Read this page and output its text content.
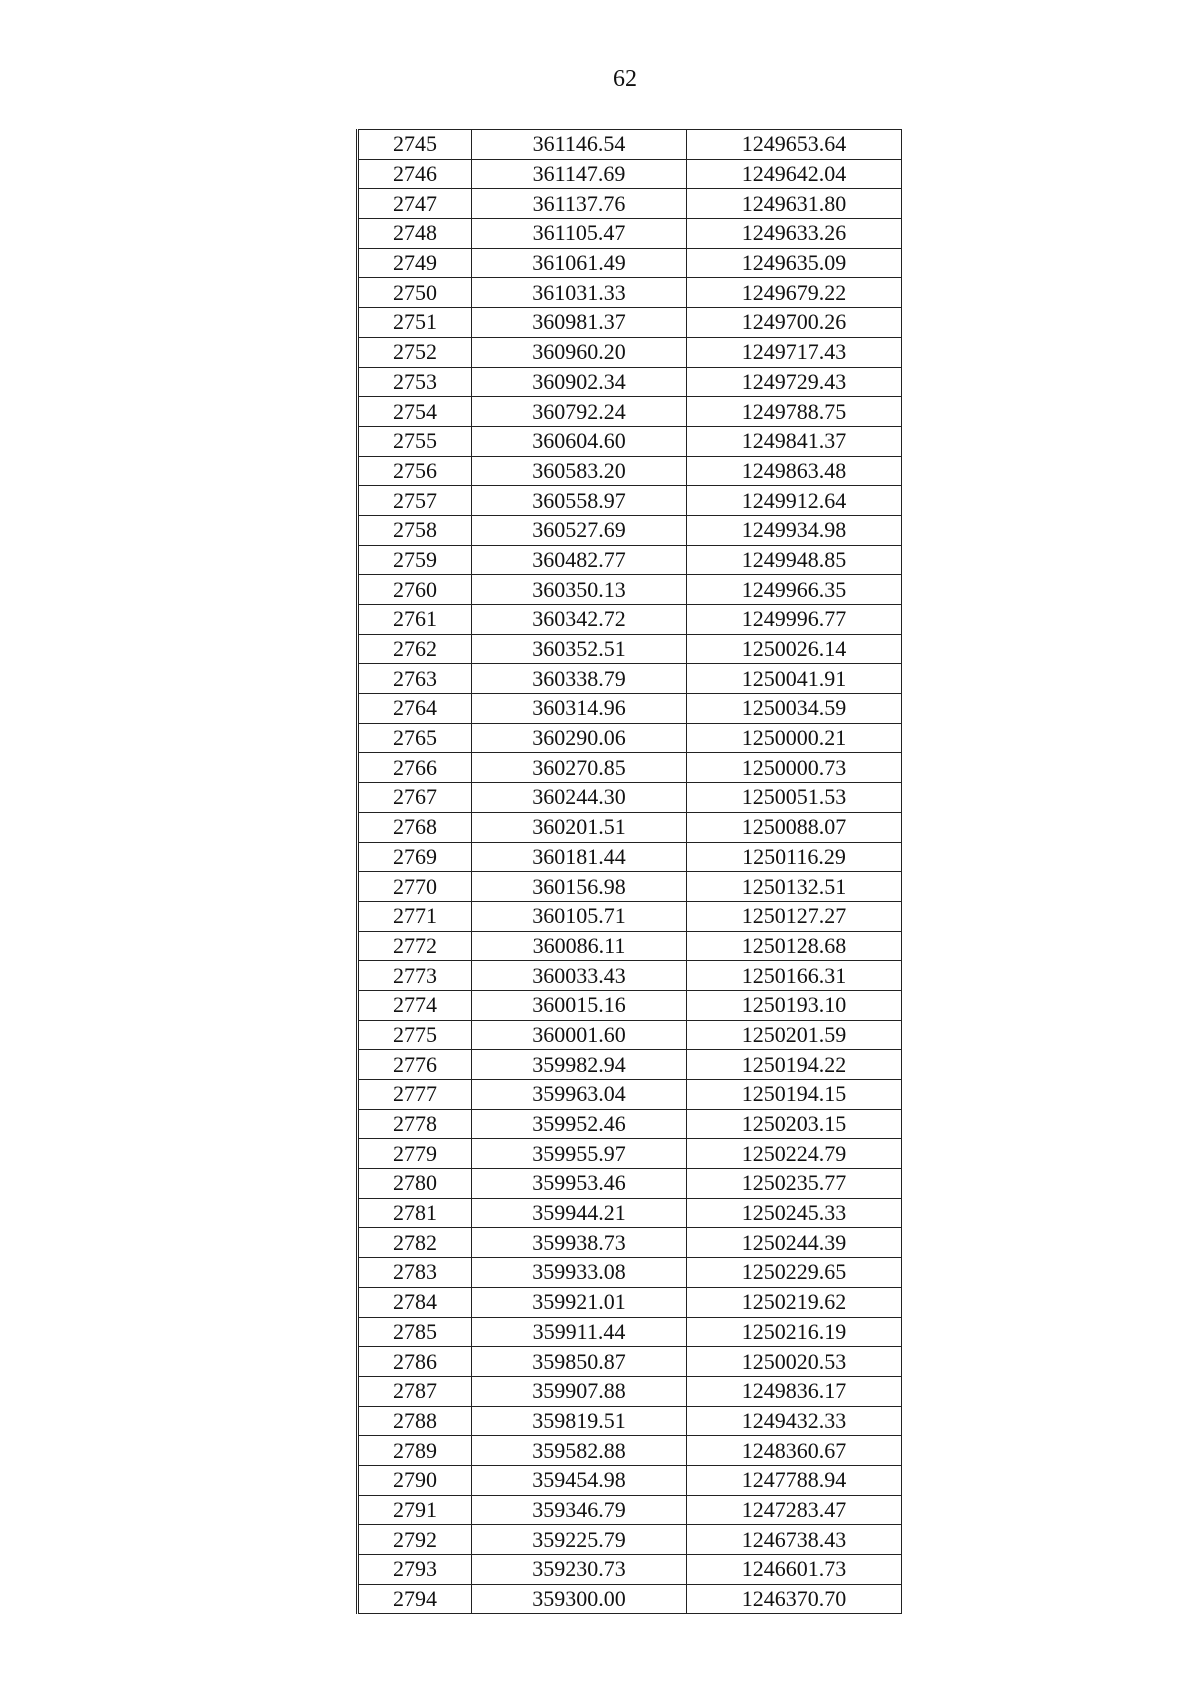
62
2745	361146.54	1249653.64
2746	361147.69	1249642.04
2747	361137.76	1249631.80
2748	361105.47	1249633.26
2749	361061.49	1249635.09
2750	361031.33	1249679.22
2751	360981.37	1249700.26
2752	360960.20	1249717.43
2753	360902.34	1249729.43
2754	360792.24	1249788.75
2755	360604.60	1249841.37
2756	360583.20	1249863.48
2757	360558.97	1249912.64
2758	360527.69	1249934.98
2759	360482.77	1249948.85
2760	360350.13	1249966.35
2761	360342.72	1249996.77
2762	360352.51	1250026.14
2763	360338.79	1250041.91
2764	360314.96	1250034.59
2765	360290.06	1250000.21
2766	360270.85	1250000.73
2767	360244.30	1250051.53
2768	360201.51	1250088.07
2769	360181.44	1250116.29
2770	360156.98	1250132.51
2771	360105.71	1250127.27
2772	360086.11	1250128.68
2773	360033.43	1250166.31
2774	360015.16	1250193.10
2775	360001.60	1250201.59
2776	359982.94	1250194.22
2777	359963.04	1250194.15
2778	359952.46	1250203.15
2779	359955.97	1250224.79
2780	359953.46	1250235.77
2781	359944.21	1250245.33
2782	359938.73	1250244.39
2783	359933.08	1250229.65
2784	359921.01	1250219.62
2785	359911.44	1250216.19
2786	359850.87	1250020.53
2787	359907.88	1249836.17
2788	359819.51	1249432.33
2789	359582.88	1248360.67
2790	359454.98	1247788.94
2791	359346.79	1247283.47
2792	359225.79	1246738.43
2793	359230.73	1246601.73
2794	359300.00	1246370.70
